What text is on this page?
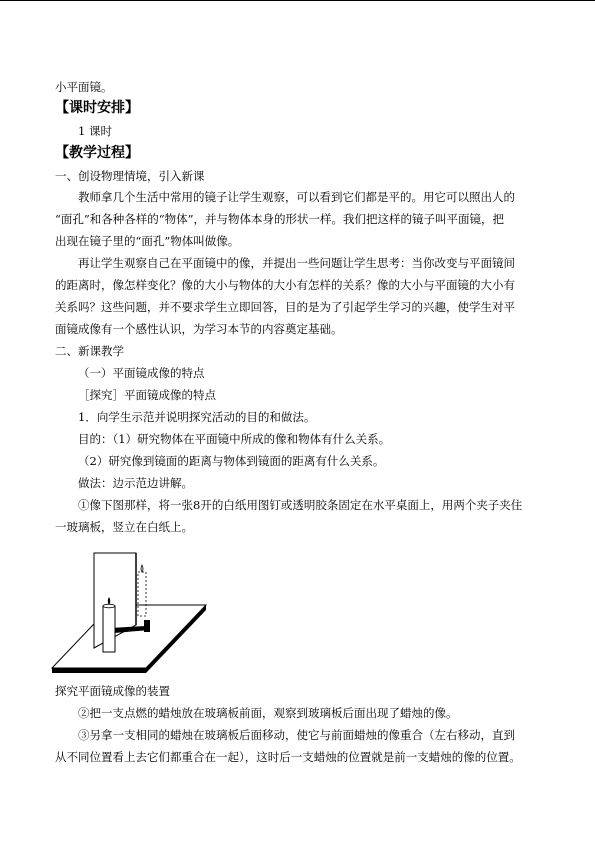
小平面镜。
【课时安排】
1 课时
【教学过程】
一、创设物理情境，引入新课
教师拿几个生活中常用的镜子让学生观察，可以看到它们都是平的。用它可以照出人的
“面孔”和各种各样的“物体”，并与物体本身的形状一样。我们把这样的镜子叫平面镜，把
出现在镜子里的“面孔”物体叫做像。
再让学生观察自己在平面镜中的像，并提出一些问题让学生思考：当你改变与平面镜间
的距离时，像怎样变化？像的大小与物体的大小有怎样的关系？像的大小与平面镜的大小有
关系吗？这些问题，并不要求学生立即回答，目的是为了引起学生学习的兴趣，使学生对平
面镜成像有一个感性认识，为学习本节的内容奠定基础。
二、新课教学
（一）平面镜成像的特点
［探究］平面镜成像的特点
1．向学生示范并说明探究活动的目的和做法。
目的：（1）研究物体在平面镜中所成的像和物体有什么关系。
（2）研究像到镜面的距离与物体到镜面的距离有什么关系。
做法：边示范边讲解。
①像下图那样，将一张8开的白纸用图钉或透明胶条固定在水平桌面上，用两个夹子夹住
一玻璃板，竖立在白纸上。
探究平面镜成像的装置
②把一支点燃的蜡烛放在玻璃板前面，观察到玻璃板后面出现了蜡烛的像。
③另拿一支相同的蜡烛在玻璃板后面移动，使它与前面蜡烛的像重合（左右移动，直到
从不同位置看上去它们都重合在一起），这时后一支蜡烛的位置就是前一支蜡烛的像的位置。
